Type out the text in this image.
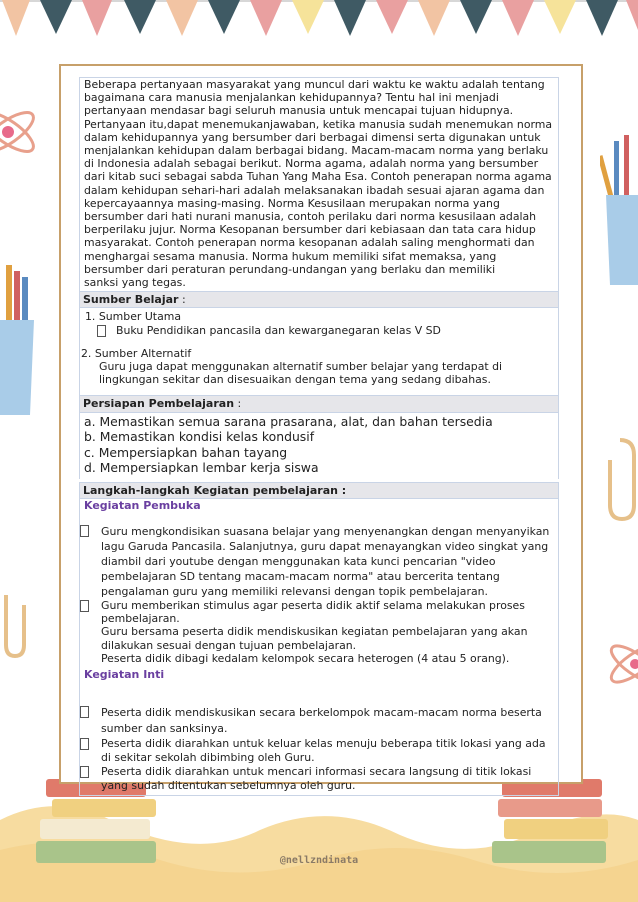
Beberapa pertanyaan masyarakat yang muncul dari waktu ke waktu adalah tentang bagaimana cara manusia menjalankan kehidupannya? Tentu hal ini menjadi pertanyaan mendasar bagi seluruh manusia untuk mencapai tujuan hidupnya. Pertanyaan itu,dapat menemukanjawaban, ketika manusia sudah menemukan norma dalam kehidupannya yang bersumber dari berbagai dimensi serta digunakan untuk menjalankan kehidupan dalam berbagai bidang. Macam-macam norma yang berlaku di Indonesia adalah sebagai berikut. Norma agama, adalah norma yang bersumber dari kitab suci sebagai sabda Tuhan Yang Maha Esa. Contoh penerapan norma agama dalam kehidupan sehari-hari adalah melaksanakan ibadah sesuai ajaran agama dan kepercayaannya masing-masing. Norma Kesusilaan merupakan norma yang bersumber dari hati nurani manusia, contoh perilaku dari norma kesusilaan adalah berperilaku jujur. Norma Kesopanan bersumber dari kebiasaan dan tata cara hidup masyarakat. Contoh penerapan norma kesopanan adalah saling menghormati dan menghargai sesama manusia. Norma hukum memiliki sifat memaksa, yang bersumber dari peraturan perundang-undangan yang berlaku dan memiliki
sanksi yang tegas.

Sumber Belajar :
1. Sumber Utama
Buku Pendidikan pancasila dan kewarganegaran kelas V SD
2. Sumber Alternatif
Guru juga dapat menggunakan alternatif sumber belajar yang terdapat di lingkungan sekitar dan disesuaikan dengan tema yang sedang dibahas.
Persiapan Pembelajaran :
a. Memastikan semua sarana prasarana, alat, dan bahan tersedia
b. Memastikan kondisi kelas kondusif
c. Mempersiapkan bahan tayang
d. Mempersiapkan lembar kerja siswa
Langkah-langkah Kegiatan pembelajaran :
Kegiatan Pembuka
Guru mengkondisikan suasana belajar yang menyenangkan dengan menyanyikan lagu Garuda Pancasila. Salanjutnya, guru dapat menayangkan video singkat yang diambil dari youtube dengan menggunakan kata kunci pencarian "video pembelajaran SD tentang macam-macam norma" atau bercerita tentang pengalaman guru yang memiliki relevansi dengan topik pembelajaran.
Guru memberikan stimulus agar peserta didik aktif selama melakukan proses pembelajaran.
Guru bersama peserta didik mendiskusikan kegiatan pembelajaran yang akan dilakukan sesuai dengan tujuan pembelajaran.
Peserta didik dibagi kedalam kelompok secara heterogen (4 atau 5 orang).
Kegiatan Inti
Peserta didik mendiskusikan secara berkelompok macam-macam norma beserta sumber dan sanksinya.
Peserta didik diarahkan untuk keluar kelas menuju beberapa titik lokasi yang ada di sekitar sekolah dibimbing oleh Guru.
Peserta didik diarahkan untuk mencari informasi secara langsung di titik lokasi yang sudah ditentukan sebelumnya oleh guru.
@nellzndinata
